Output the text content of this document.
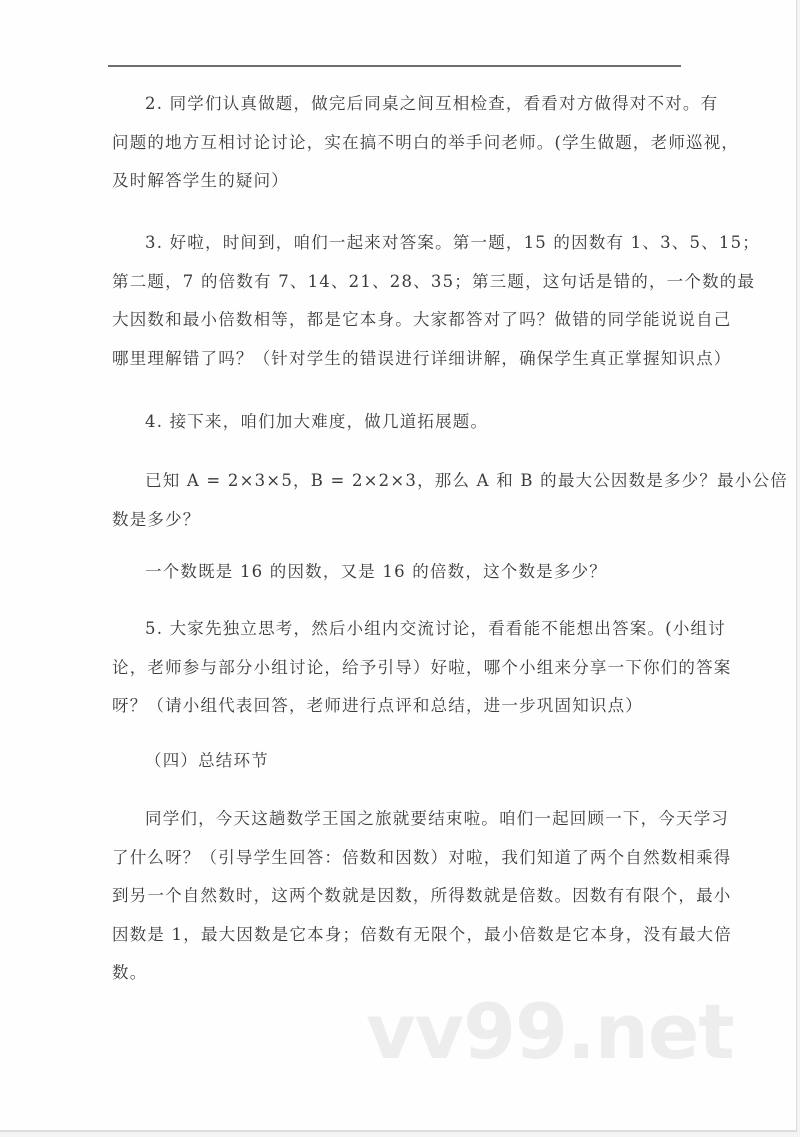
2. 同学们认真做题，做完后同桌之间互相检查，看看对方做得对不对。有
问题的地方互相讨论讨论，实在搞不明白的举手问老师。(学生做题，老师巡视，
及时解答学生的疑问）

3. 好啦，时间到，咱们一起来对答案。第一题，15 的因数有 1、3、5、15；
第二题，7 的倍数有 7、14、21、28、35；第三题，这句话是错的，一个数的最
大因数和最小倍数相等，都是它本身。大家都答对了吗？做错的同学能说说自己
哪里理解错了吗？（针对学生的错误进行详细讲解，确保学生真正掌握知识点）

4. 接下来，咱们加大难度，做几道拓展题。

已知 A = 2×3×5，B = 2×2×3，那么 A 和 B 的最大公因数是多少？最小公倍
数是多少？

一个数既是 16 的因数，又是 16 的倍数，这个数是多少？

5. 大家先独立思考，然后小组内交流讨论，看看能不能想出答案。(小组讨
论，老师参与部分小组讨论，给予引导）好啦，哪个小组来分享一下你们的答案
呀？（请小组代表回答，老师进行点评和总结，进一步巩固知识点）

（四）总结环节

同学们，今天这趟数学王国之旅就要结束啦。咱们一起回顾一下，今天学习
了什么呀？（引导学生回答：倍数和因数）对啦，我们知道了两个自然数相乘得
到另一个自然数时，这两个数就是因数，所得数就是倍数。因数有有限个，最小
因数是 1，最大因数是它本身；倍数有无限个，最小倍数是它本身，没有最大倍
数。

vv99.net
